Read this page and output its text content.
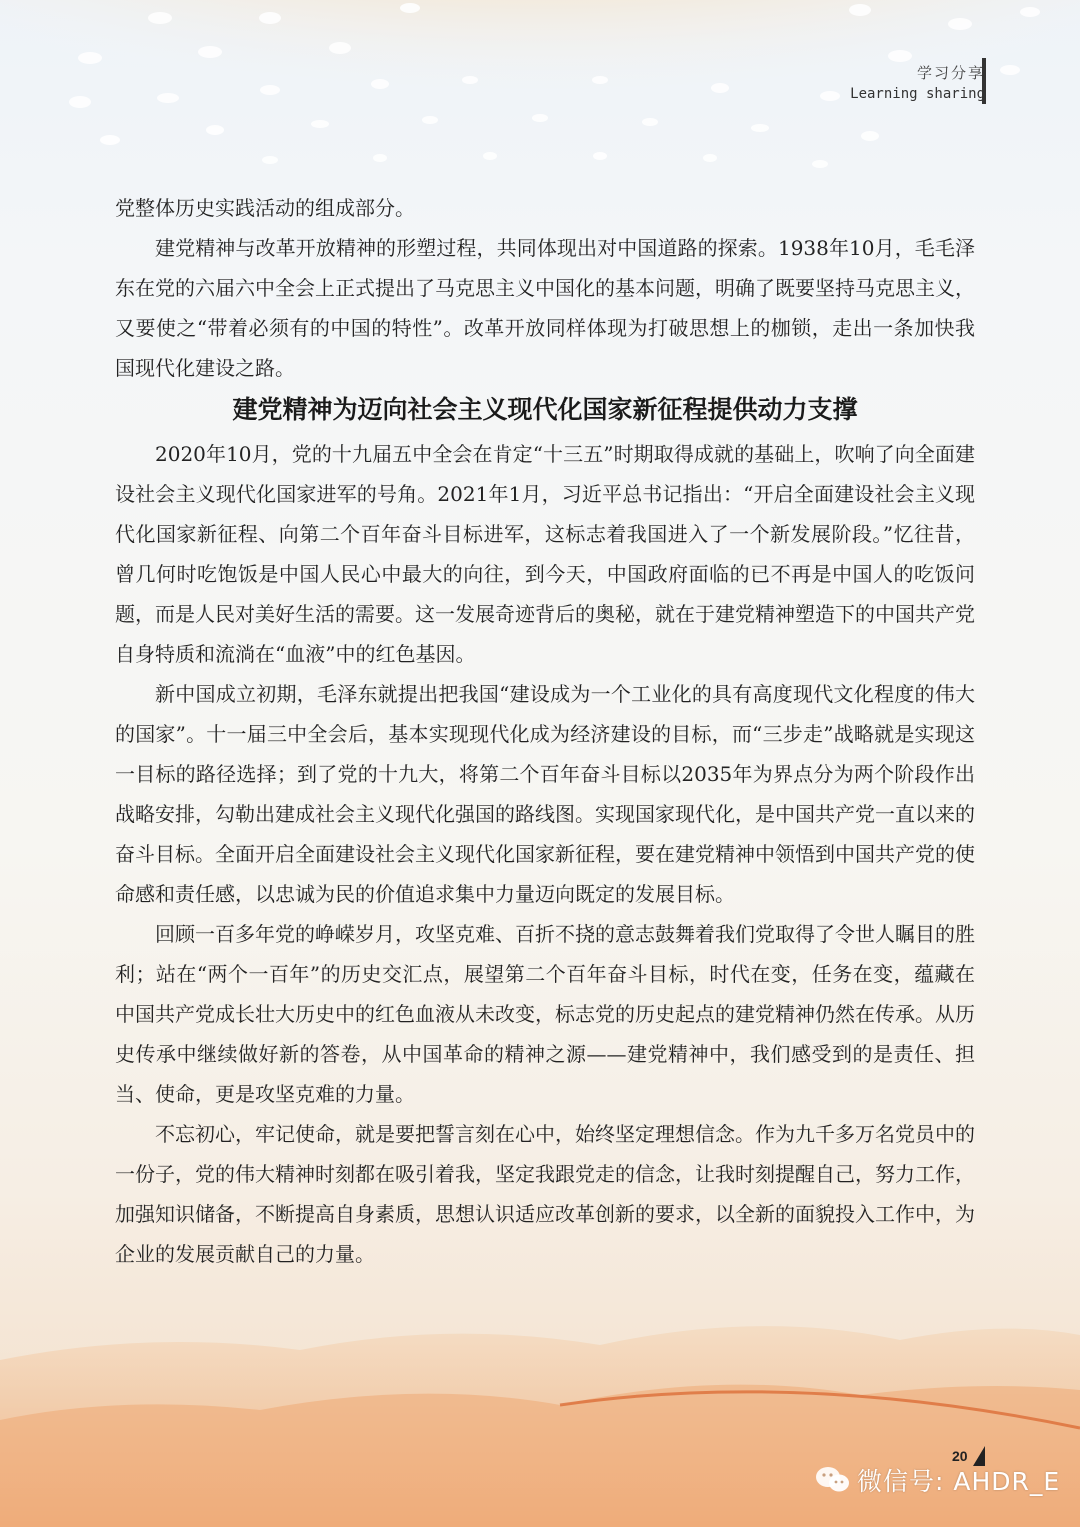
学习分享
Learning sharing

党整体历史实践活动的组成部分。

建党精神与改革开放精神的形塑过程，共同体现出对中国道路的探索。1938年10月，毛毛泽东在党的六届六中全会上正式提出了马克思主义中国化的基本问题，明确了既要坚持马克思主义，又要使之“带着必须有的中国的特性”。改革开放同样体现为打破思想上的枷锁，走出一条加快我国现代化建设之路。

建党精神为迈向社会主义现代化国家新征程提供动力支撑

2020年10月，党的十九届五中全会在肯定“十三五”时期取得成就的基础上，吹响了向全面建设社会主义现代化国家进军的号角。2021年1月，习近平总书记指出：“开启全面建设社会主义现代化国家新征程、向第二个百年奋斗目标进军，这标志着我国进入了一个新发展阶段。”忆往昔，曾几何时吃饱饭是中国人民心中最大的向往，到今天，中国政府面临的已不再是中国人的吃饭问题，而是人民对美好生活的需要。这一发展奇迹背后的奥秘，就在于建党精神塑造下的中国共产党自身特质和流淌在“血液”中的红色基因。

新中国成立初期，毛泽东就提出把我国“建设成为一个工业化的具有高度现代文化程度的伟大的国家”。十一届三中全会后，基本实现现代化成为经济建设的目标，而“三步走”战略就是实现这一目标的路径选择；到了党的十九大，将第二个百年奋斗目标以2035年为界点分为两个阶段作出战略安排，勾勒出建成社会主义现代化强国的路线图。实现国家现代化，是中国共产党一直以来的奋斗目标。全面开启全面建设社会主义现代化国家新征程，要在建党精神中领悟到中国共产党的使命感和责任感，以忠诚为民的价值追求集中力量迈向既定的发展目标。

回顾一百多年党的峥嵘岁月，攻坚克难、百折不挠的意志鼓舞着我们党取得了令世人瞩目的胜利；站在“两个一百年”的历史交汇点，展望第二个百年奋斗目标，时代在变，任务在变，蕴藏在中国共产党成长壮大历史中的红色血液从未改变，标志党的历史起点的建党精神仍然在传承。从历史传承中继续做好新的答卷，从中国革命的精神之源——建党精神中，我们感受到的是责任、担当、使命，更是攻坚克难的力量。

不忘初心，牢记使命，就是要把誓言刻在心中，始终坚定理想信念。作为九千多万名党员中的一份子，党的伟大精神时刻都在吸引着我，坚定我跟党走的信念，让我时刻提醒自己，努力工作，加强知识储备，不断提高自身素质，思想认识适应改革创新的要求，以全新的面貌投入工作中，为企业的发展贡献自己的力量。

20
微信号: AHDR_E
